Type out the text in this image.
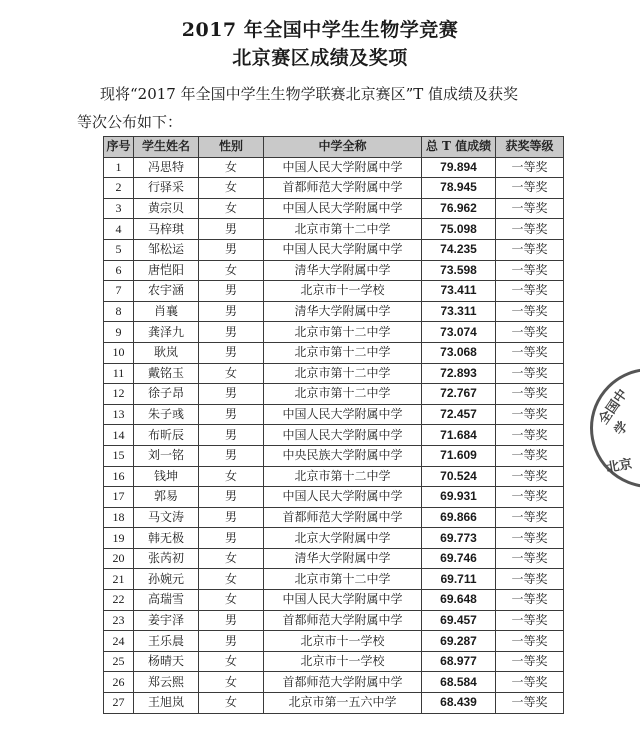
2017 年全国中学生生物学竞赛
北京赛区成绩及奖项
现将“2017 年全国中学生生物学联赛北京赛区”T 值成绩及获奖
等次公布如下：
序号	学生姓名	性别	中学全称	总 T 值成绩	获奖等级
1	冯思特	女	中国人民大学附属中学	79.894	一等奖
2	行驿采	女	首都师范大学附属中学	78.945	一等奖
3	黄宗贝	女	中国人民大学附属中学	76.962	一等奖
4	马梓琪	男	北京市第十二中学	75.098	一等奖
5	邹松运	男	中国人民大学附属中学	74.235	一等奖
6	唐恺阳	女	清华大学附属中学	73.598	一等奖
7	农宇涵	男	北京市十一学校	73.411	一等奖
8	肖襄	男	清华大学附属中学	73.311	一等奖
9	龚泽九	男	北京市第十二中学	73.074	一等奖
10	耿岚	男	北京市第十二中学	73.068	一等奖
11	戴铭玉	女	北京市第十二中学	72.893	一等奖
12	徐子昂	男	北京市第十二中学	72.767	一等奖
13	朱子彧	男	中国人民大学附属中学	72.457	一等奖
14	布昕辰	男	中国人民大学附属中学	71.684	一等奖
15	刘一铭	男	中央民族大学附属中学	71.609	一等奖
16	钱坤	女	北京市第十二中学	70.524	一等奖
17	郭易	男	中国人民大学附属中学	69.931	一等奖
18	马文涛	男	首都师范大学附属中学	69.866	一等奖
19	韩无极	男	北京大学附属中学	69.773	一等奖
20	张芮初	女	清华大学附属中学	69.746	一等奖
21	孙婉元	女	北京市第十二中学	69.711	一等奖
22	高瑞雪	女	中国人民大学附属中学	69.648	一等奖
23	姜宇泽	男	首都师范大学附属中学	69.457	一等奖
24	王乐晨	男	北京市十一学校	69.287	一等奖
25	杨晴天	女	北京市十一学校	68.977	一等奖
26	郑云熙	女	首都师范大学附属中学	68.584	一等奖
27	王旭岚	女	北京市第一五六中学	68.439	一等奖
全国中学
北京
